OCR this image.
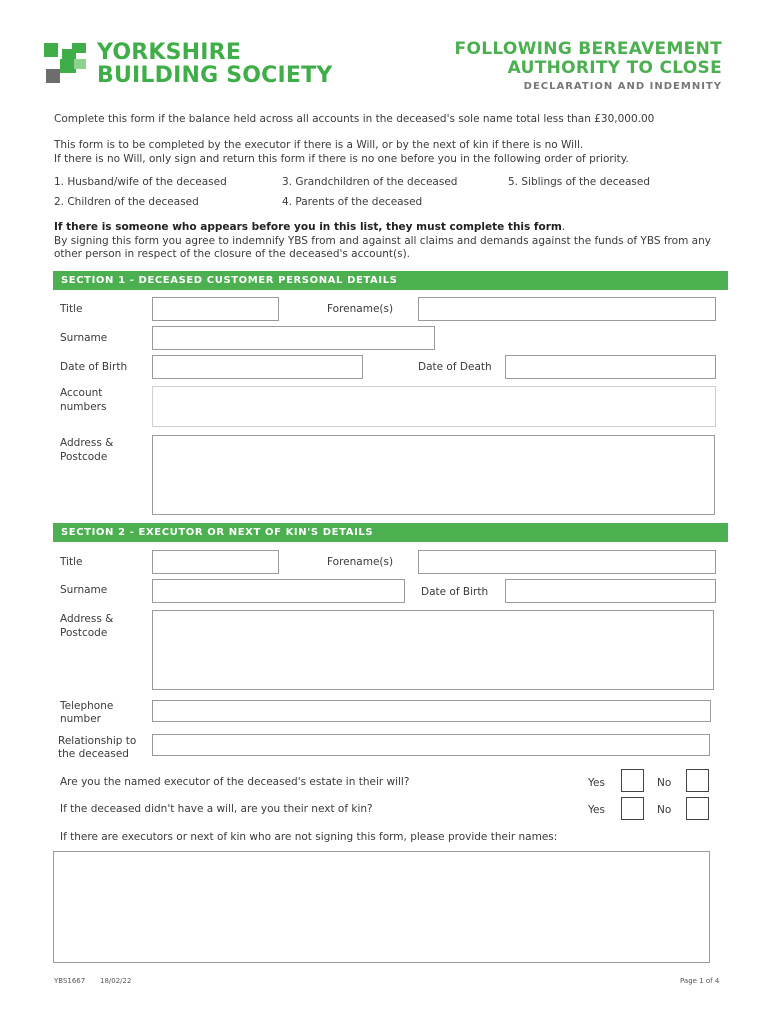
YORKSHIRE
BUILDING SOCIETY
FOLLOWING BEREAVEMENT
AUTHORITY TO CLOSE
DECLARATION AND INDEMNITY
Complete this form if the balance held across all accounts in the deceased's sole name total less than £30,000.00
This form is to be completed by the executor if there is a Will, or by the next of kin if there is no Will.
If there is no Will, only sign and return this form if there is no one before you in the following order of priority.
1. Husband/wife of the deceased
2. Children of the deceased
3. Grandchildren of the deceased
4. Parents of the deceased
5. Siblings of the deceased
If there is someone who appears before you in this list, they must complete this form.
By signing this form you agree to indemnify YBS from and against all claims and demands against the funds of YBS from any
other person in respect of the closure of the deceased's account(s).
SECTION 1 - DECEASED CUSTOMER PERSONAL DETAILS
Title	Forename(s)
Surname
Date of Birth	Date of Death
Account
numbers
Address &
Postcode
SECTION 2 - EXECUTOR OR NEXT OF KIN'S DETAILS
Title	Forename(s)
Surname	Date of Birth
Address &
Postcode
Telephone
number
Relationship to
the deceased
Are you the named executor of the deceased's estate in their will?	Yes	No
If the deceased didn't have a will, are you their next of kin?	Yes	No
If there are executors or next of kin who are not signing this form, please provide their names:
YBS1667 18/02/22	Page 1 of 4
